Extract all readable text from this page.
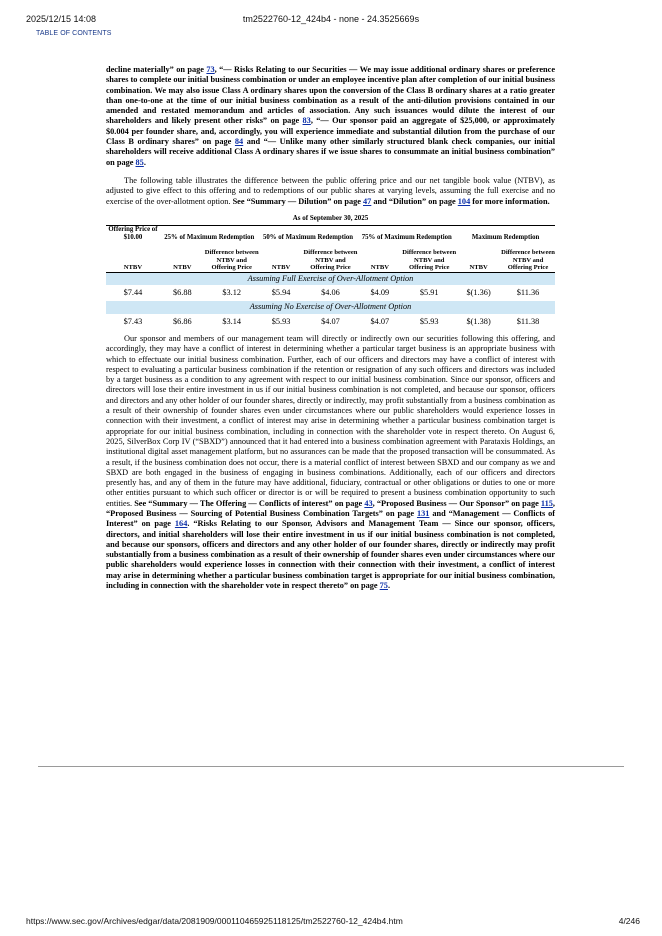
2025/12/15 14:08	tm2522760-12_424b4 - none - 24.3525669s
TABLE OF CONTENTS

decline materially” on page 73, “— Risks Relating to our Securities — We may issue additional ordinary shares or preference shares to complete our initial business combination or under an employee incentive plan after completion of our initial business combination. We may also issue Class A ordinary shares upon the conversion of the Class B ordinary shares at a ratio greater than one-to-one at the time of our initial business combination as a result of the anti-dilution provisions contained in our amended and restated memorandum and articles of association. Any such issuances would dilute the interest of our shareholders and likely present other risks” on page 83, “— Our sponsor paid an aggregate of $25,000, or approximately $0.004 per founder share, and, accordingly, you will experience immediate and substantial dilution from the purchase of our Class B ordinary shares” on page 84 and “— Unlike many other similarly structured blank check companies, our initial shareholders will receive additional Class A ordinary shares if we issue shares to consummate an initial business combination” on page 85.

The following table illustrates the difference between the public offering price and our net tangible book value (NTBV), as adjusted to give effect to this offering and to redemptions of our public shares at varying levels, assuming the full exercise and no exercise of the over-allotment option. See “Summary — Dilution” on page 47 and “Dilution” on page 104 for more information.

As of September 30, 2025								
Offering Price of $10.00	25% of Maximum Redemption		50% of Maximum Redemption		75% of Maximum Redemption		Maximum Redemption	
NTBV	NTBV	Difference between NTBV and Offering Price	NTBV	Difference between NTBV and Offering Price	NTBV	Difference between NTBV and Offering Price	NTBV	Difference between NTBV and Offering Price
Assuming Full Exercise of Over-Allotment Option								
$7.44	$6.88	$3.12	$5.94	$4.06	$4.09	$5.91	$(1.36)	$11.36
Assuming No Exercise of Over-Allotment Option								
$7.43	$6.86	$3.14	$5.93	$4.07	$4.07	$5.93	$(1.38)	$11.38

Our sponsor and members of our management team will directly or indirectly own our securities following this offering, and accordingly, they may have a conflict of interest in determining whether a particular target business is an appropriate business with which to effectuate our initial business combination. Further, each of our officers and directors may have a conflict of interest with respect to evaluating a particular business combination if the retention or resignation of any such officers and directors was included by a target business as a condition to any agreement with respect to our initial business combination. Since our sponsor, officers and directors will lose their entire investment in us if our initial business combination is not completed, and because our sponsor, officers and directors and any other holder of our founder shares, directly or indirectly, may profit substantially from a business combination as a result of their ownership of founder shares even under circumstances where our public shareholders would experience losses in connection with their investment, a conflict of interest may arise in determining whether a particular business combination target is appropriate for our initial business combination, including in connection with the shareholder vote in respect thereto. On August 6, 2025, SilverBox Corp IV (“SBXD”) announced that it had entered into a business combination agreement with Parataxis Holdings, an institutional digital asset management platform, but no assurances can be made that the proposed transaction will be consummated. As a result, if the business combination does not occur, there is a material conflict of interest between SBXD and our company as we and SBXD are both engaged in the business of engaging in business combinations. Additionally, each of our officers and directors presently has, and any of them in the future may have additional, fiduciary, contractual or other obligations or duties to one or more other entities pursuant to which such officer or director is or will be required to present a business combination opportunity to such entities. See “Summary — The Offering — Conflicts of interest” on page 43, “Proposed Business — Our Sponsor” on page 115, “Proposed Business — Sourcing of Potential Business Combination Targets” on page 131 and “Management — Conflicts of Interest” on page 164. “Risks Relating to our Sponsor, Advisors and Management Team — Since our sponsor, officers, directors, and initial shareholders will lose their entire investment in us if our initial business combination is not completed, and because our sponsors, officers and directors and any other holder of our founder shares, directly or indirectly may profit substantially from a business combination as a result of their ownership of founder shares even under circumstances where our public shareholders would experience losses in connection with their connection with their investment, a conflict of interest may arise in determining whether a particular business combination target is appropriate for our initial business combination, including in connection with the shareholder vote in respect thereto” on page 75.

https://www.sec.gov/Archives/edgar/data/2081909/000110465925118125/tm2522760-12_424b4.htm	4/246
